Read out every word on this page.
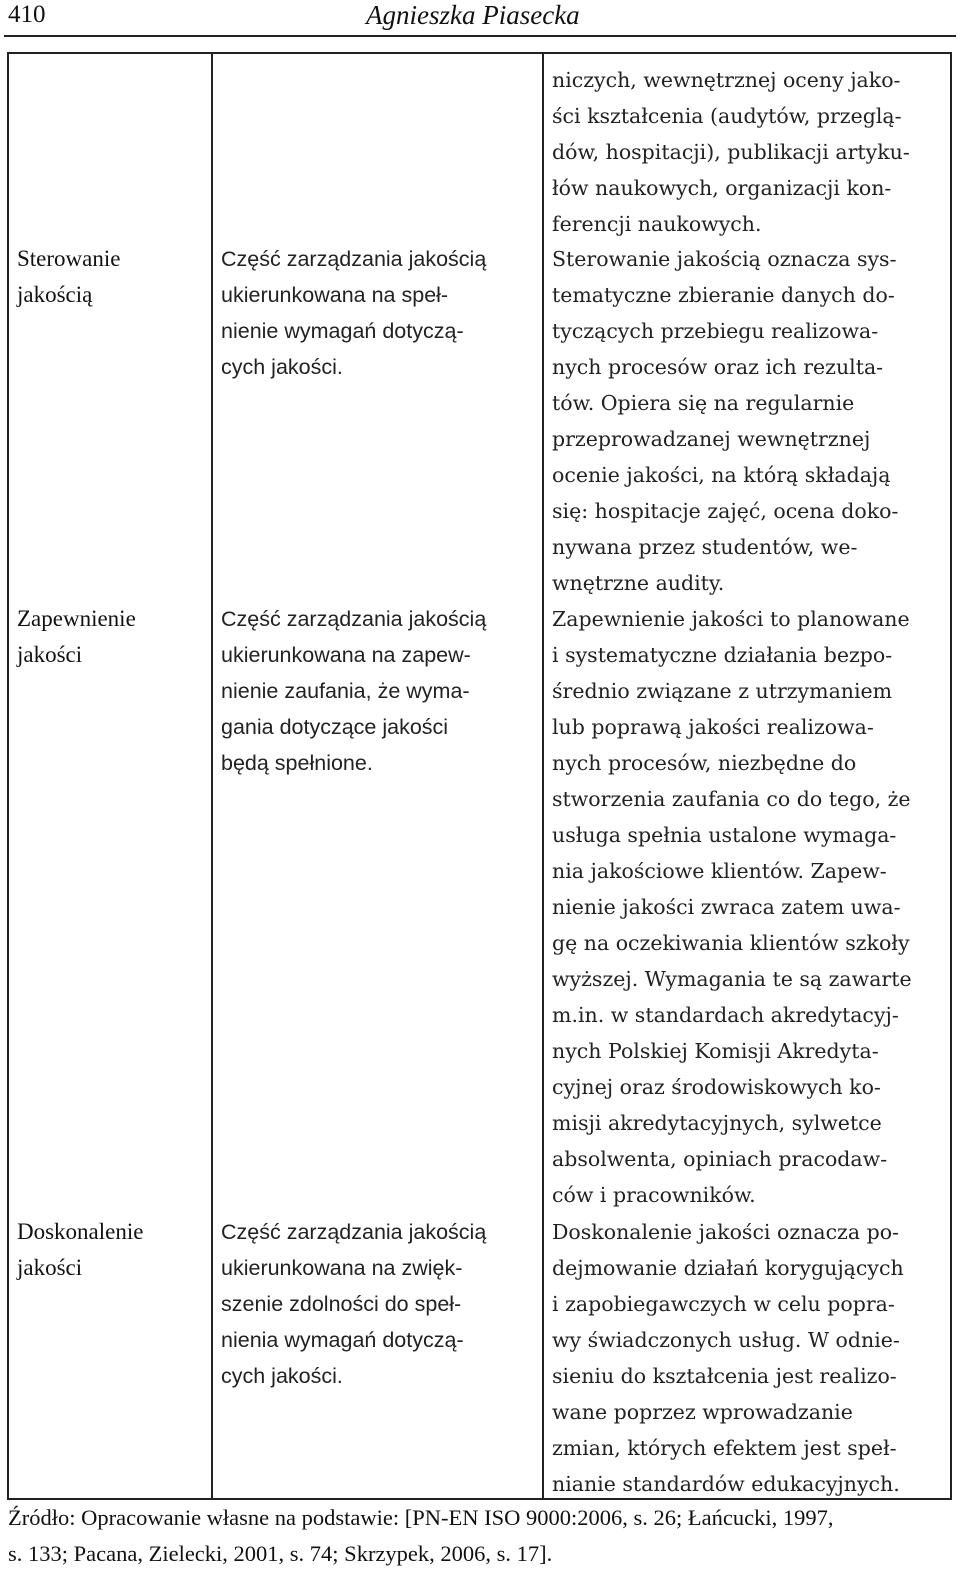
410	Agnieszka Piasecka
niczych, wewnętrznej oceny jako-
ści kształcenia (audytów, przeglą-
dów, hospitacji), publikacji artyku-
łów naukowych, organizacji kon-
ferencji naukowych.
Sterowanie
jakością
Część zarządzania jakością
ukierunkowana na speł-
nienie wymagań dotyczą-
cych jakości.
Sterowanie jakością oznacza sys-
tematyczne zbieranie danych do-
tyczących przebiegu realizowa-
nych procesów oraz ich rezulta-
tów. Opiera się na regularnie
przeprowadzanej wewnętrznej
ocenie jakości, na którą składają
się: hospitacje zajęć, ocena doko-
nywana przez studentów, we-
wnętrzne audity.
Zapewnienie
jakości
Część zarządzania jakością
ukierunkowana na zapew-
nienie zaufania, że wyma-
gania dotyczące jakości
będą spełnione.
Zapewnienie jakości to planowane
i systematyczne działania bezpo-
średnio związane z utrzymaniem
lub poprawą jakości realizowa-
nych procesów, niezbędne do
stworzenia zaufania co do tego, że
usługa spełnia ustalone wymaga-
nia jakościowe klientów. Zapew-
nienie jakości zwraca zatem uwa-
gę na oczekiwania klientów szkoły
wyższej. Wymagania te są zawarte
m.in. w standardach akredytacyj-
nych Polskiej Komisji Akredyta-
cyjnej oraz środowiskowych ko-
misji akredytacyjnych, sylwetce
absolwenta, opiniach pracodaw-
ców i pracowników.
Doskonalenie
jakości
Część zarządzania jakością
ukierunkowana na zwięk-
szenie zdolności do speł-
nienia wymagań dotyczą-
cych jakości.
Doskonalenie jakości oznacza po-
dejmowanie działań korygujących
i zapobiegawczych w celu popra-
wy świadczonych usług. W odnie-
sieniu do kształcenia jest realizo-
wane poprzez wprowadzanie
zmian, których efektem jest speł-
nianie standardów edukacyjnych.
Źródło: Opracowanie własne na podstawie: [PN-EN ISO 9000:2006, s. 26; Łańcucki, 1997,
s. 133; Pacana, Zielecki, 2001, s. 74; Skrzypek, 2006, s. 17].
